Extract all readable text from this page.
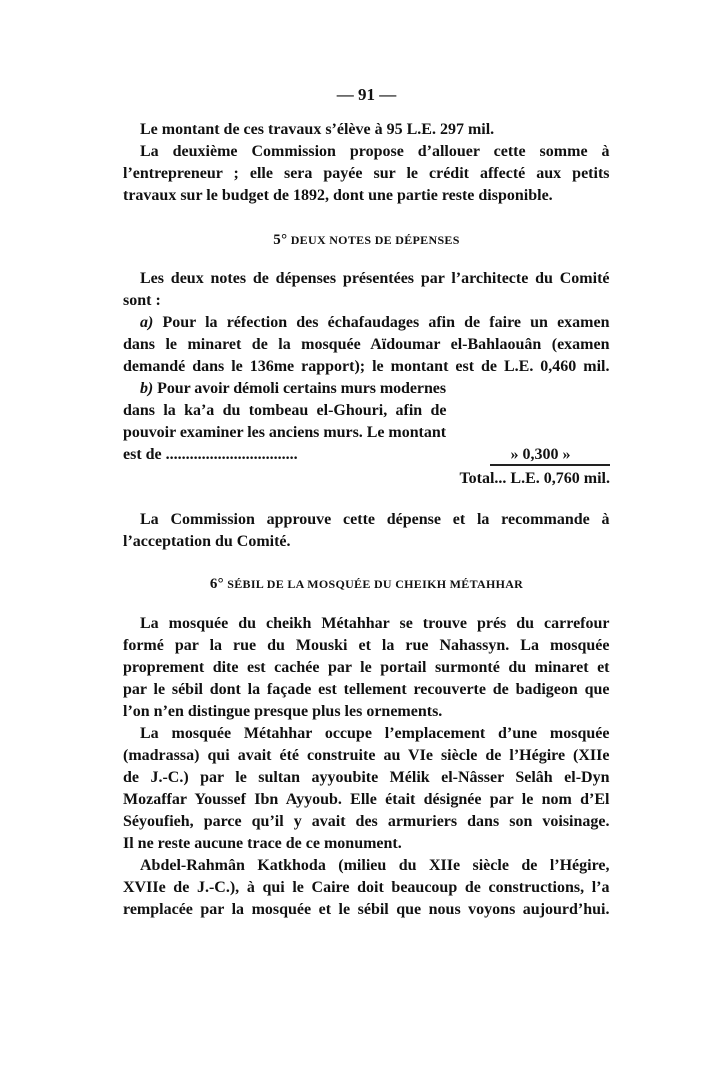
— 91 —
Le montant de ces travaux s’élève à 95 L.E. 297 mil.
La deuxième Commission propose d’allouer cette somme à
l’entrepreneur ; elle sera payée sur le crédit affecté aux petits
travaux sur le budget de 1892, dont une partie reste disponible.
5° DEUX NOTES DE DÉPENSES
Les deux notes de dépenses présentées par l’architecte du Comité
sont :
a) Pour la réfection des échafaudages afin de faire un examen
dans le minaret de la mosquée Aïdoumar el-Bahlaouân (examen
demandé dans le 136me rapport); le montant est de L.E. 0,460 mil.
b) Pour avoir démoli certains murs modernes
dans la ka’a du tombeau el-Ghouri, afin de
pouvoir examiner les anciens murs. Le montant
est de .................................	» 0,300 »
Total... L.E. 0,760 mil.
La Commission approuve cette dépense et la recommande à
l’acceptation du Comité.
6° SÉBIL DE LA MOSQUÉE DU CHEIKH MÉTAHHAR
La mosquée du cheikh Métahhar se trouve prés du carrefour
formé par la rue du Mouski et la rue Nahassyn. La mosquée
proprement dite est cachée par le portail surmonté du minaret et
par le sébil dont la façade est tellement recouverte de badigeon que
l’on n’en distingue presque plus les ornements.
La mosquée Métahhar occupe l’emplacement d’une mosquée
(madrassa) qui avait été construite au VIe siècle de l’Hégire (XIIe
de J.-C.) par le sultan ayyoubite Mélik el-Nâsser Selâh el-Dyn
Mozaffar Youssef Ibn Ayyoub. Elle était désignée par le nom d’El
Séyoufieh, parce qu’il y avait des armuriers dans son voisinage.
Il ne reste aucune trace de ce monument.
Abdel-Rahmân Katkhoda (milieu du XIIe siècle de l’Hégire,
XVIIe de J.-C.), à qui le Caire doit beaucoup de constructions, l’a
remplacée par la mosquée et le sébil que nous voyons aujourd’hui.
